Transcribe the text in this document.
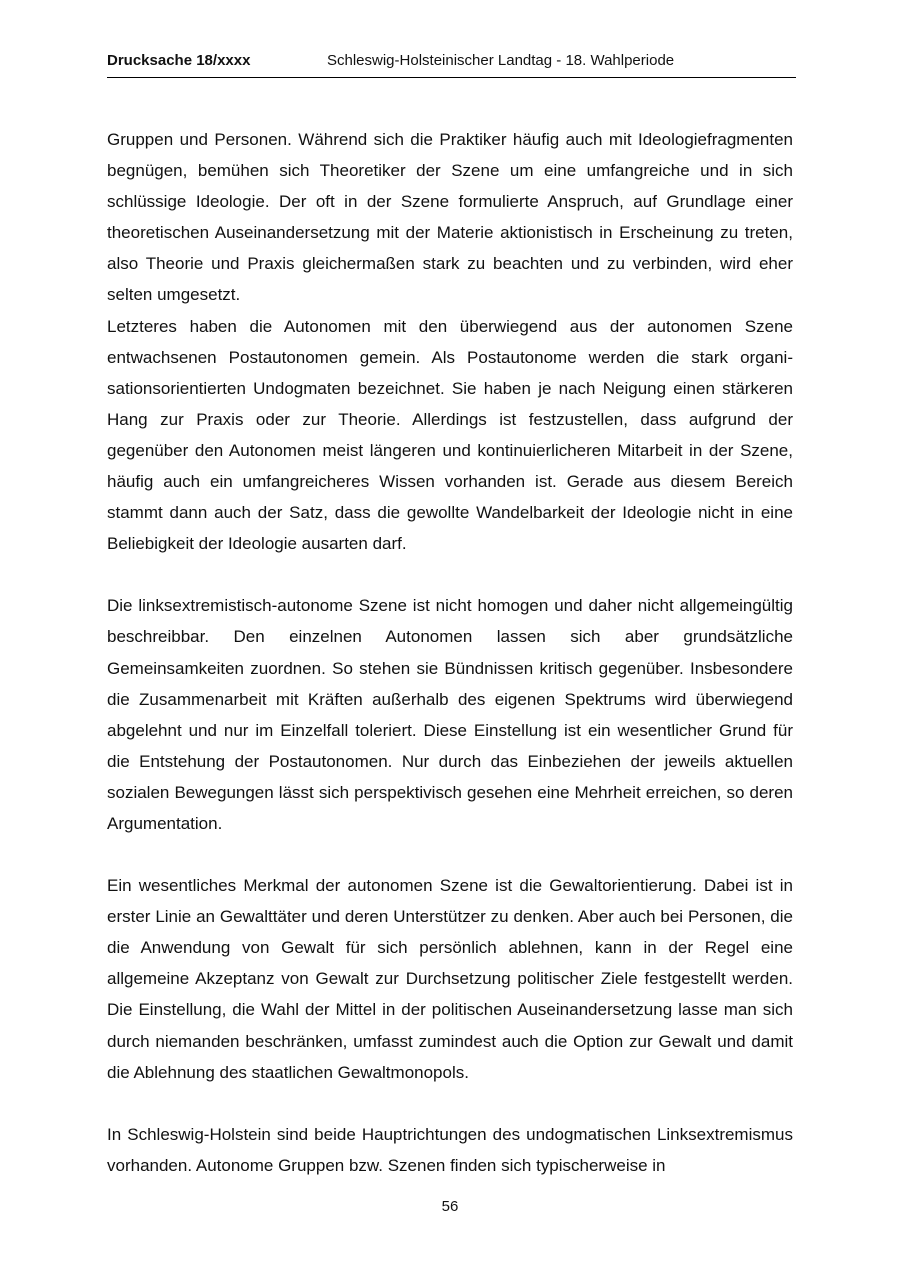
Drucksache 18/xxxx	Schleswig-Holsteinischer Landtag - 18. Wahlperiode

Gruppen und Personen. Während sich die Praktiker häufig auch mit Ideologiefragmenten begnügen, bemühen sich Theoretiker der Szene um eine umfangreiche und in sich schlüssige Ideologie. Der oft in der Szene formulierte Anspruch, auf Grundlage einer theoretischen Auseinandersetzung mit der Materie aktionistisch in Erscheinung zu treten, also Theorie und Praxis gleichermaßen stark zu beachten und zu verbinden, wird eher selten umgesetzt.

Letzteres haben die Autonomen mit den überwiegend aus der autonomen Szene entwachsenen Postautonomen gemein. Als Postautonome werden die stark organisationsorientierten Undogmaten bezeichnet. Sie haben je nach Neigung einen stärkeren Hang zur Praxis oder zur Theorie. Allerdings ist festzustellen, dass aufgrund der gegenüber den Autonomen meist längeren und kontinuierlicheren Mitarbeit in der Szene, häufig auch ein umfangreicheres Wissen vorhanden ist. Gerade aus diesem Bereich stammt dann auch der Satz, dass die gewollte Wandelbarkeit der Ideologie nicht in eine Beliebigkeit der Ideologie ausarten darf.

Die linksextremistisch-autonome Szene ist nicht homogen und daher nicht allgemeingültig beschreibbar. Den einzelnen Autonomen lassen sich aber grundsätzliche Gemeinsamkeiten zuordnen. So stehen sie Bündnissen kritisch gegenüber. Insbesondere die Zusammenarbeit mit Kräften außerhalb des eigenen Spektrums wird überwiegend abgelehnt und nur im Einzelfall toleriert. Diese Einstellung ist ein wesentlicher Grund für die Entstehung der Postautonomen. Nur durch das Einbeziehen der jeweils aktuellen sozialen Bewegungen lässt sich perspektivisch gesehen eine Mehrheit erreichen, so deren Argumentation.

Ein wesentliches Merkmal der autonomen Szene ist die Gewaltorientierung. Dabei ist in erster Linie an Gewalttäter und deren Unterstützer zu denken. Aber auch bei Personen, die die Anwendung von Gewalt für sich persönlich ablehnen, kann in der Regel eine allgemeine Akzeptanz von Gewalt zur Durchsetzung politischer Ziele festgestellt werden. Die Einstellung, die Wahl der Mittel in der politischen Auseinandersetzung lasse man sich durch niemanden beschränken, umfasst zumindest auch die Option zur Gewalt und damit die Ablehnung des staatlichen Gewaltmonopols.

In Schleswig-Holstein sind beide Hauptrichtungen des undogmatischen Linksextremismus vorhanden. Autonome Gruppen bzw. Szenen finden sich typischerweise in

56
